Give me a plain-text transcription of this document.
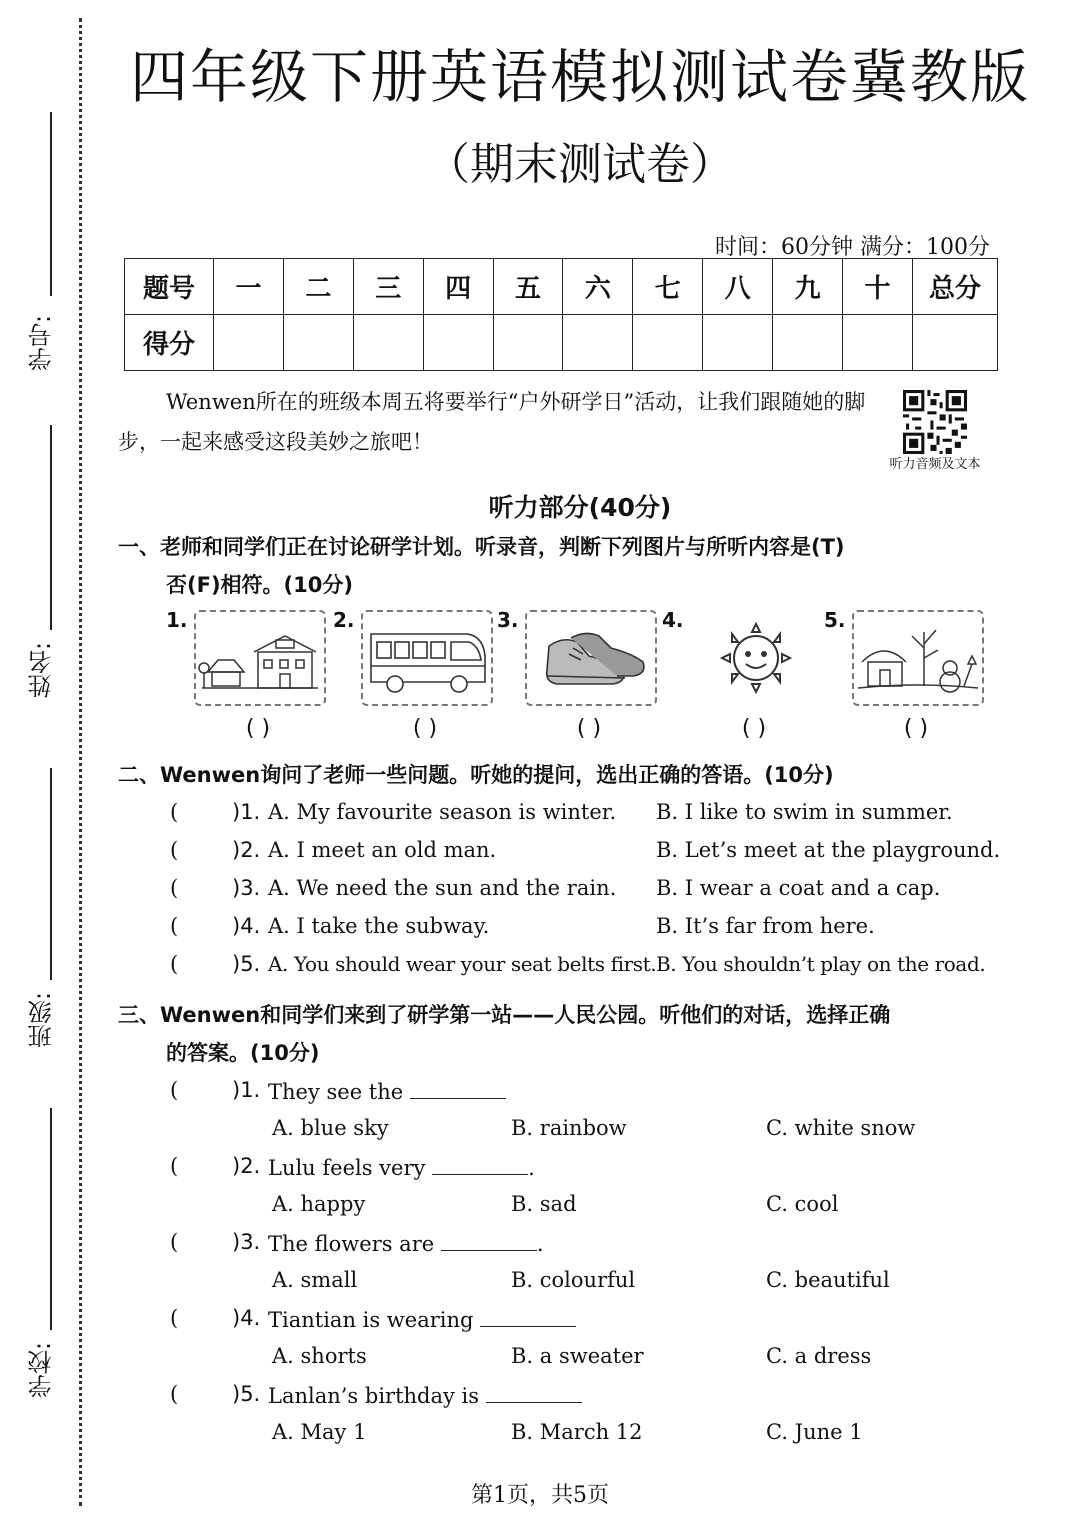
学号:
姓名:
班级:
学校:
四年级下册英语模拟测试卷冀教版
（期末测试卷）
时间：60分钟 满分：100分
题号	一	二	三	四	五	六	七	八	九	十	总分
得分											
Wenwen所在的班级本周五将要举行“户外研学日”活动，让我们跟随她的脚步，一起来感受这段美妙之旅吧！
听力音频及文本
听力部分(40分)
一、老师和同学们正在讨论研学计划。听录音，判断下列图片与所听内容是(T)
否(F)相符。(10分)
1.
( )
2.
( )
3.
( )
4.
( )
5.
( )
二、Wenwen询问了老师一些问题。听她的提问，选出正确的答语。(10分)
(	)1. A. My favourite season is winter. B. I like to swim in summer.
(	)2. A. I meet an old man.	B. Let’s meet at the playground.
(	)3. A. We need the sun and the rain. B. I wear a coat and a cap.
(	)4. A. I take the subway.	B. It’s far from here.
(	)5. A. You should wear your seat belts first. B. You shouldn’t play on the road.
三、Wenwen和同学们来到了研学第一站——人民公园。听他们的对话，选择正确
的答案。(10分)
(	)1. They see the
A. blue sky	B. rainbow	C. white snow
(	)2. Lulu feels very	.
A. happy	B. sad	C. cool
(	)3. The flowers are	.
A. small	B. colourful	C. beautiful
(	)4. Tiantian is wearing
A. shorts	B. a sweater	C. a dress
(	)5. Lanlan’s birthday is
A. May 1	B. March 12	C. June 1
第1页，共5页
